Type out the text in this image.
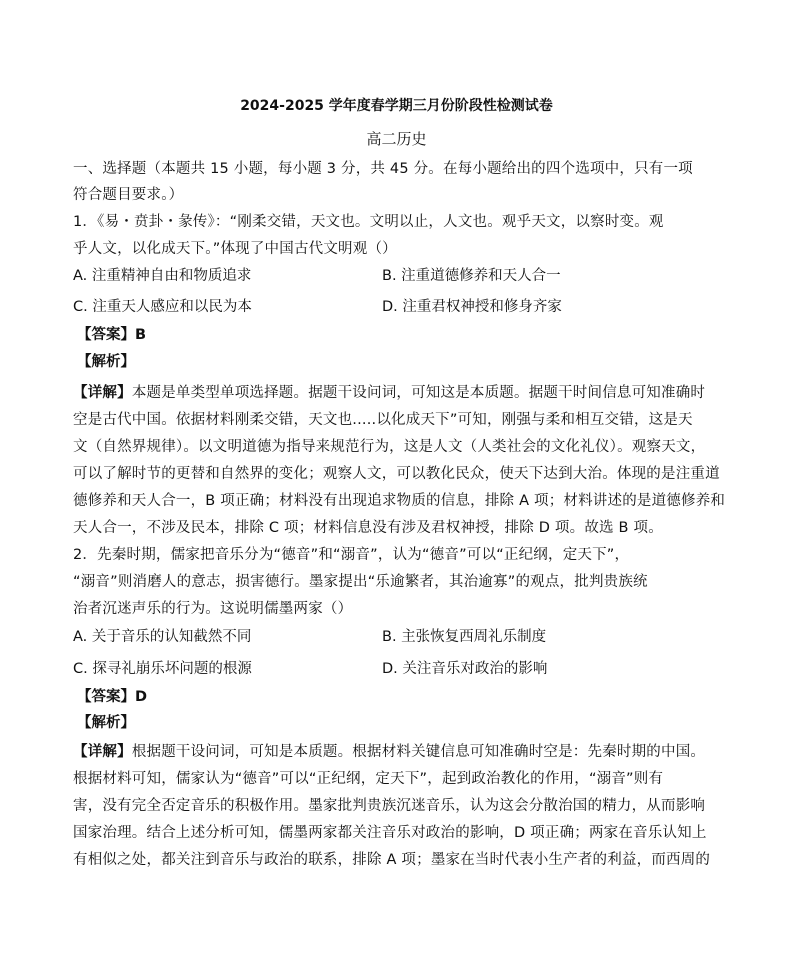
2024-2025 学年度春学期三月份阶段性检测试卷
高二历史
一、选择题（本题共 15 小题，每小题 3 分，共 45 分。在每小题给出的四个选项中，只有一项
符合题目要求。）
1．《易・贲卦・彖传》：“刚柔交错，天文也。文明以止，人文也。观乎天文，以察时变。观
乎人文，以化成天下。”体现了中国古代文明观（）
A. 注重精神自由和物质追求	B. 注重道德修养和天人合一
C. 注重天人感应和以民为本	D. 注重君权神授和修身齐家
【答案】B
【解析】
【详解】本题是单类型单项选择题。据题干设问词，可知这是本质题。据题干时间信息可知准确时
空是古代中国。依据材料刚柔交错，天文也.....以化成天下”可知，刚强与柔和相互交错，这是天
文（自然界规律）。以文明道德为指导来规范行为，这是人文（人类社会的文化礼仪）。观察天文，
可以了解时节的更替和自然界的变化；观察人文，可以教化民众，使天下达到大治。体现的是注重道
德修养和天人合一，B 项正确；材料没有出现追求物质的信息，排除 A 项；材料讲述的是道德修养和
天人合一，不涉及民本，排除 C 项；材料信息没有涉及君权神授，排除 D 项。故选 B 项。
2．先秦时期，儒家把音乐分为“德音”和“溺音”，认为“德音”可以“正纪纲，定天下”，
“溺音”则消磨人的意志，损害德行。墨家提出“乐逾繁者，其治逾寡”的观点，批判贵族统
治者沉迷声乐的行为。这说明儒墨两家（）
A. 关于音乐的认知截然不同	B. 主张恢复西周礼乐制度
C. 探寻礼崩乐坏问题的根源	D. 关注音乐对政治的影响
【答案】D
【解析】
【详解】根据题干设问词，可知是本质题。根据材料关键信息可知准确时空是：先秦时期的中国。
根据材料可知，儒家认为“德音”可以“正纪纲，定天下”，起到政治教化的作用，“溺音”则有
害，没有完全否定音乐的积极作用。墨家批判贵族沉迷音乐，认为这会分散治国的精力，从而影响
国家治理。结合上述分析可知，儒墨两家都关注音乐对政治的影响，D 项正确；两家在音乐认知上
有相似之处，都关注到音乐与政治的联系，排除 A 项；墨家在当时代表小生产者的利益，而西周的
